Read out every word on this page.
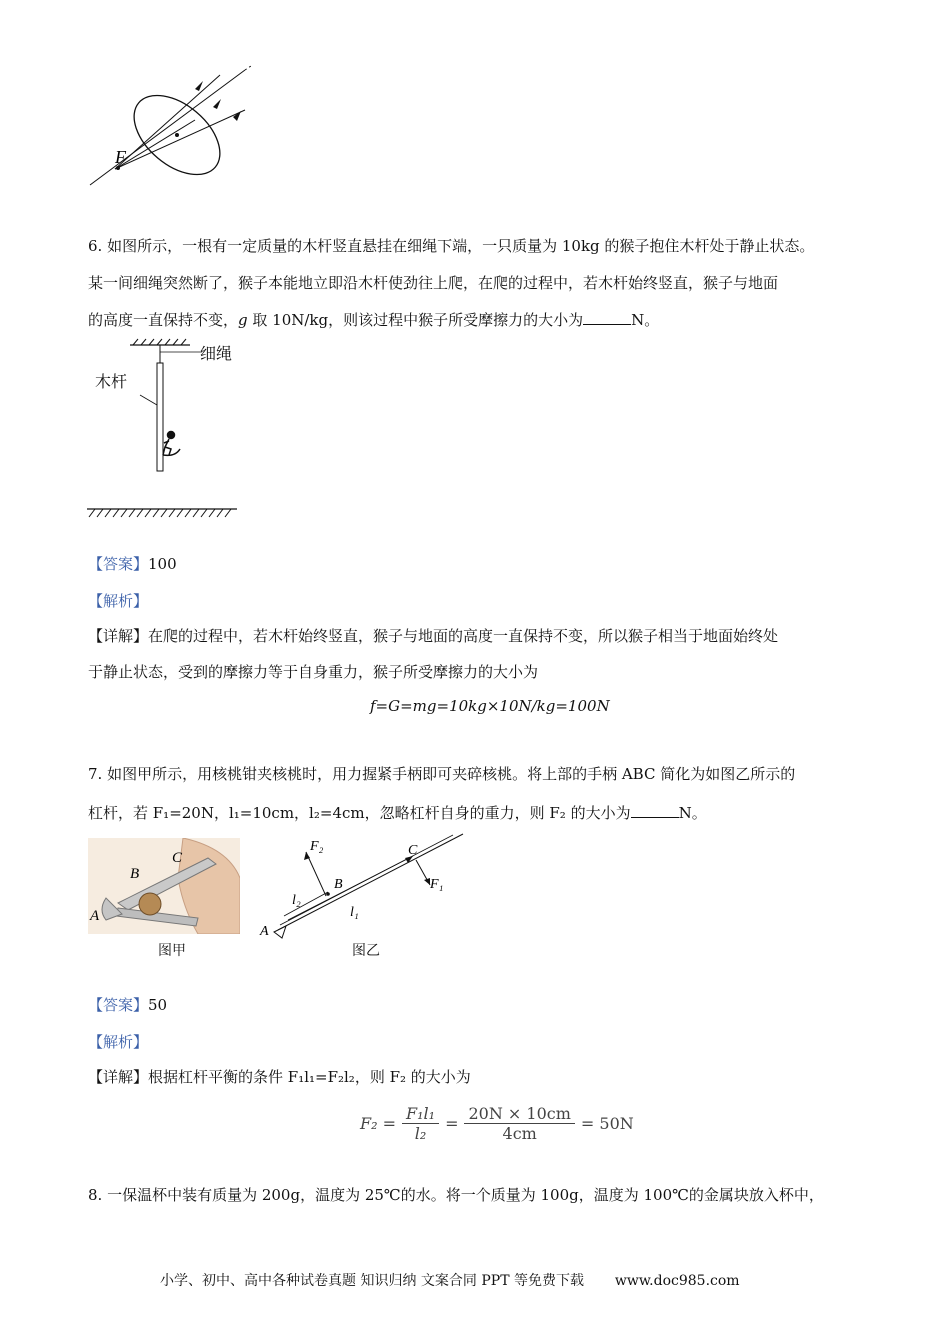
F
6. 如图所示，一根有一定质量的木杆竖直悬挂在细绳下端，一只质量为 10kg 的猴子抱住木杆处于静止状态。
某一间细绳突然断了，猴子本能地立即沿木杆使劲往上爬，在爬的过程中，若木杆始终竖直，猴子与地面
的高度一直保持不变，g 取 10N/kg，则该过程中猴子所受摩擦力的大小为	N。
细绳
木杆
【答案】100
【解析】
【详解】在爬的过程中，若木杆始终竖直，猴子与地面的高度一直保持不变，所以猴子相当于地面始终处
于静止状态，受到的摩擦力等于自身重力，猴子所受摩擦力的大小为
f=G=mg=10kg×10N/kg=100N
7. 如图甲所示，用核桃钳夹核桃时，用力握紧手柄即可夹碎核桃。将上部的手柄 ABC 简化为如图乙所示的
杠杆，若 F₁=20N，l₁=10cm，l₂=4cm，忽略杠杆自身的重力，则 F₂ 的大小为	N。
A
B
C
图甲
A
B
C
F₁
F₂
l₂
l₁
图乙
【答案】50
【解析】
【详解】根据杠杆平衡的条件 F₁l₁=F₂l₂，则 F₂ 的大小为
F₂ =
F₁l₁
l₂
=
20N × 10cm
4cm
= 50N
8. 一保温杯中装有质量为 200g，温度为 25℃的水。将一个质量为 100g，温度为 100℃的金属块放入杯中，
小学、初中、高中各种试卷真题 知识归纳 文案合同 PPT 等免费下载 www.doc985.com
